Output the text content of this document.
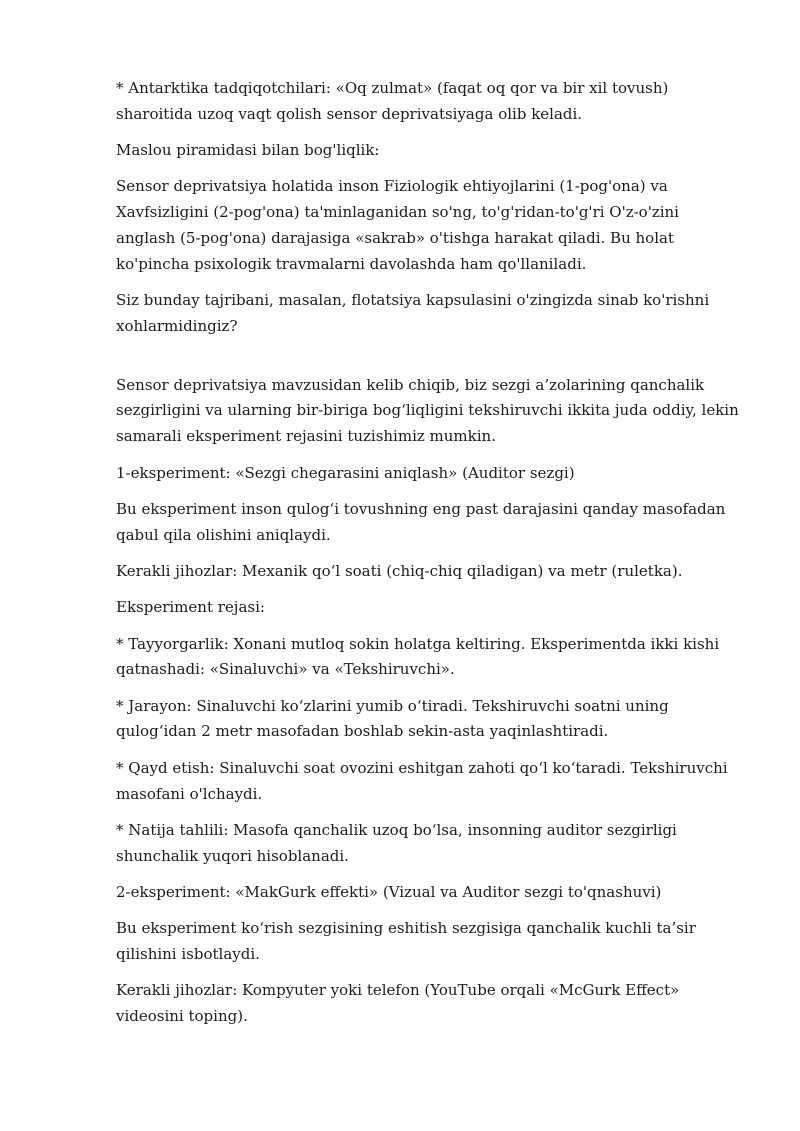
* Antarktika tadqiqotchilari: «Oq zulmat» (faqat oq qor va bir xil tovush) sharoitida uzoq vaqt qolish sensor deprivatsiyaga olib keladi.

Maslou piramidasi bilan bog'liqlik:

Sensor deprivatsiya holatida inson Fiziologik ehtiyojlarini (1-pog'ona) va Xavfsizligini (2-pog'ona) ta'minlaganidan so'ng, to'g'ridan-to'g'ri O'z-o'zini anglash (5-pog'ona) darajasiga «sakrab» o'tishga harakat qiladi. Bu holat ko'pincha psixologik travmalarni davolashda ham qo'llaniladi.

Siz bunday tajribani, masalan, flotatsiya kapsulasini o'zingizda sinab ko'rishni xohlarmidingiz?

Sensor deprivatsiya mavzusidan kelib chiqib, biz sezgi a’zolarining qanchalik sezgirligini va ularning bir-biriga bog‘liqligini tekshiruvchi ikkita juda oddiy, lekin samarali eksperiment rejasini tuzishimiz mumkin.

1-eksperiment: «Sezgi chegarasini aniqlash» (Auditor sezgi)

Bu eksperiment inson qulog‘i tovushning eng past darajasini qanday masofadan qabul qila olishini aniqlaydi.

Kerakli jihozlar: Mexanik qo‘l soati (chiq-chiq qiladigan) va metr (ruletka).

Eksperiment rejasi:

* Tayyorgarlik: Xonani mutloq sokin holatga keltiring. Eksperimentda ikki kishi qatnashadi: «Sinaluvchi» va «Tekshiruvchi».

* Jarayon: Sinaluvchi ko‘zlarini yumib o‘tiradi. Tekshiruvchi soatni uning qulog‘idan 2 metr masofadan boshlab sekin-asta yaqinlashtiradi.

* Qayd etish: Sinaluvchi soat ovozini eshitgan zahoti qo‘l ko‘taradi. Tekshiruvchi masofani o'lchaydi.

* Natija tahlili: Masofa qanchalik uzoq bo‘lsa, insonning auditor sezgirligi shunchalik yuqori hisoblanadi.

2-eksperiment: «MakGurk effekti» (Vizual va Auditor sezgi to'qnashuvi)

Bu eksperiment ko‘rish sezgisining eshitish sezgisiga qanchalik kuchli ta’sir qilishini isbotlaydi.

Kerakli jihozlar: Kompyuter yoki telefon (YouTube orqali «McGurk Effect» videosini toping).
